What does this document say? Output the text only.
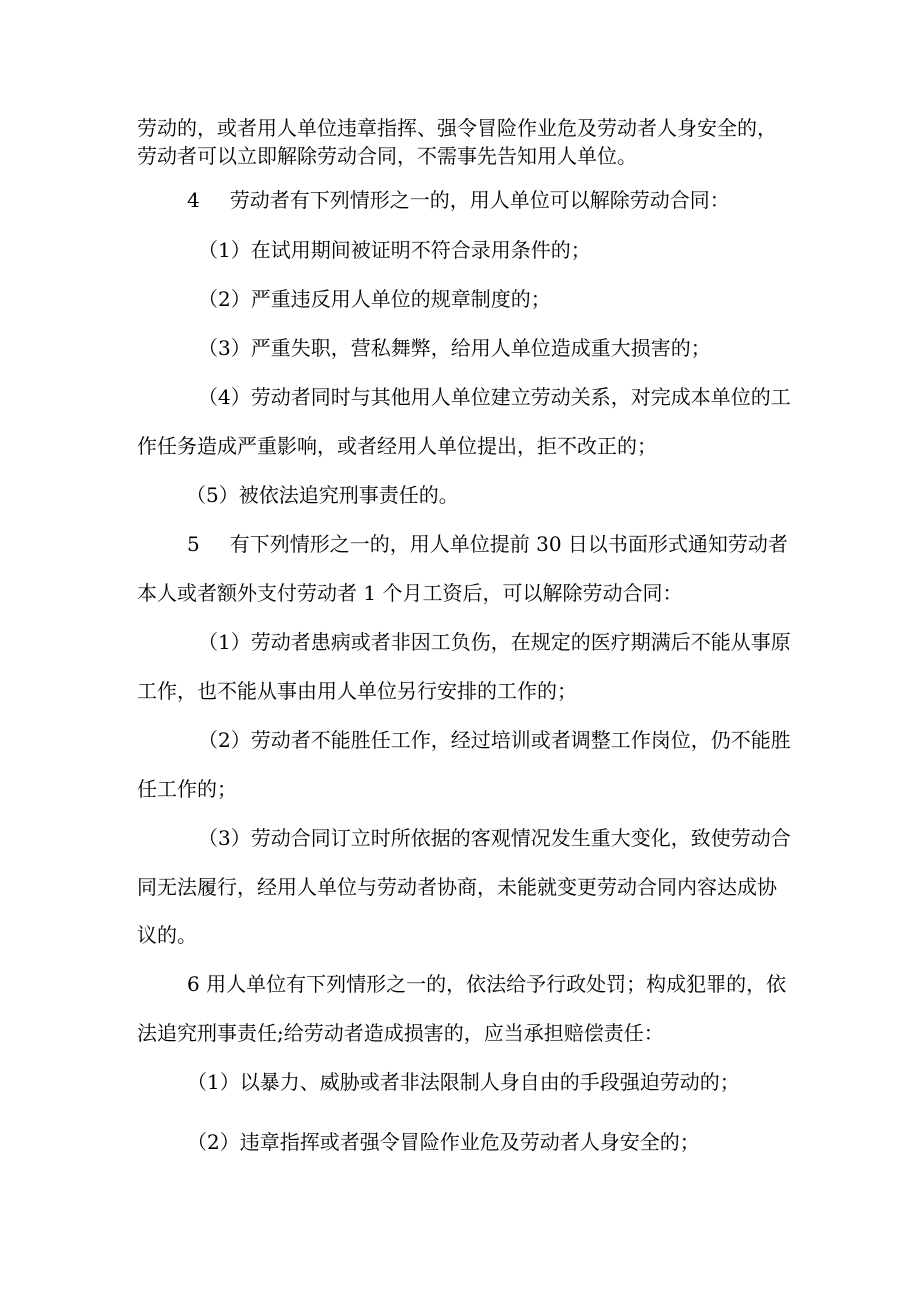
劳动的，或者用人单位违章指挥、强令冒险作业危及劳动者人身安全的，
劳动者可以立即解除劳动合同，不需事先告知用人单位。
4 劳动者有下列情形之一的，用人单位可以解除劳动合同：
（1）在试用期间被证明不符合录用条件的；
（2）严重违反用人单位的规章制度的；
（3）严重失职，营私舞弊，给用人单位造成重大损害的；
（4）劳动者同时与其他用人单位建立劳动关系，对完成本单位的工
作任务造成严重影响，或者经用人单位提出，拒不改正的；
（5）被依法追究刑事责任的。
5 有下列情形之一的，用人单位提前 30 日以书面形式通知劳动者
本人或者额外支付劳动者 1 个月工资后，可以解除劳动合同：
（1）劳动者患病或者非因工负伤，在规定的医疗期满后不能从事原
工作，也不能从事由用人单位另行安排的工作的；
（2）劳动者不能胜任工作，经过培训或者调整工作岗位，仍不能胜
任工作的；
（3）劳动合同订立时所依据的客观情况发生重大变化，致使劳动合
同无法履行，经用人单位与劳动者协商，未能就变更劳动合同内容达成协
议的。
6 用人单位有下列情形之一的，依法给予行政处罚；构成犯罪的，依
法追究刑事责任;给劳动者造成损害的，应当承担赔偿责任：
（1）以暴力、威胁或者非法限制人身自由的手段强迫劳动的；
（2）违章指挥或者强令冒险作业危及劳动者人身安全的；
